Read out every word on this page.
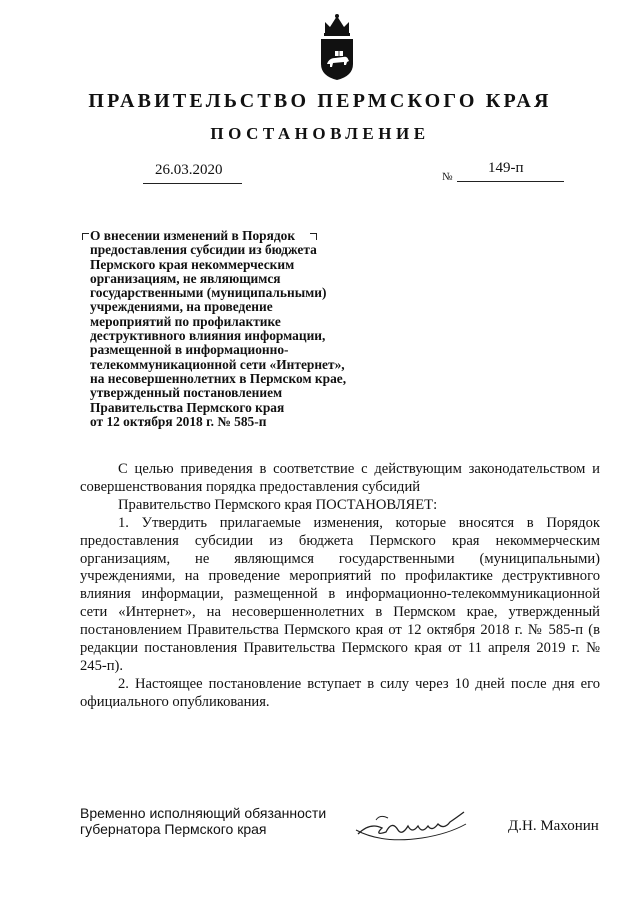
ПРАВИТЕЛЬСТВО ПЕРМСКОГО КРАЯ
ПОСТАНОВЛЕНИЕ
26.03.2020	№
149-п
О внесении изменений в Порядок
предоставления субсидии из бюджета
Пермского края некоммерческим
организациям, не являющимся
государственными (муниципальными)
учреждениями, на проведение
мероприятий по профилактике
деструктивного влияния информации,
размещенной в информационно-
телекоммуникационной сети «Интернет»,
на несовершеннолетних в Пермском крае,
утвержденный постановлением
Правительства Пермского края
от 12 октября 2018 г. № 585-п

С целью приведения в соответствие с действующим законодательством и совершенствования порядка предоставления субсидий

Правительство Пермского края ПОСТАНОВЛЯЕТ:

1. Утвердить прилагаемые изменения, которые вносятся в Порядок предоставления субсидии из бюджета Пермского края некоммерческим организациям, не являющимся государственными (муниципальными) учреждениями, на проведение мероприятий по профилактике деструктивного влияния информации, размещенной в информационно-телекоммуникационной сети «Интернет», на несовершеннолетних в Пермском крае, утвержденный постановлением Правительства Пермского края от 12 октября 2018 г. № 585-п (в редакции постановления Правительства Пермского края от 11 апреля 2019 г. № 245-п).

2. Настоящее постановление вступает в силу через 10 дней после дня его официального опубликования.

Временно исполняющий обязанности
губернатора Пермского края	Д.Н. Махонин
